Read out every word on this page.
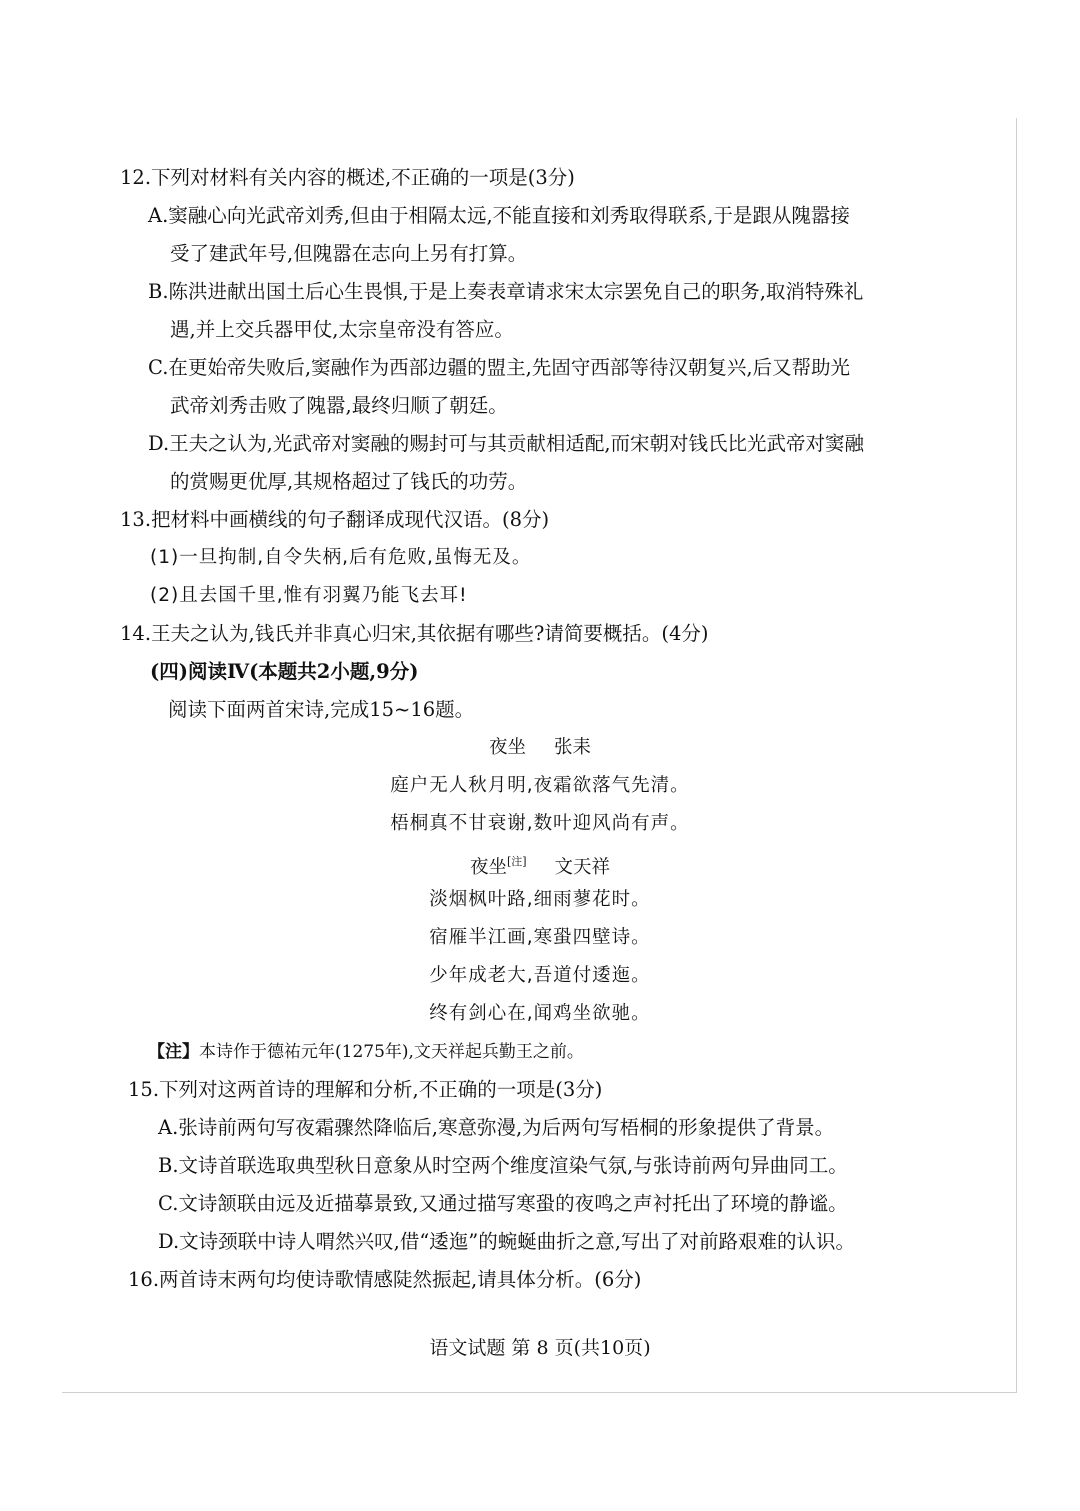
12.下列对材料有关内容的概述,不正确的一项是(3分)
A.窦融心向光武帝刘秀,但由于相隔太远,不能直接和刘秀取得联系,于是跟从隗嚣接
受了建武年号,但隗嚣在志向上另有打算。
B.陈洪进献出国土后心生畏惧,于是上奏表章请求宋太宗罢免自己的职务,取消特殊礼
遇,并上交兵器甲仗,太宗皇帝没有答应。
C.在更始帝失败后,窦融作为西部边疆的盟主,先固守西部等待汉朝复兴,后又帮助光
武帝刘秀击败了隗嚣,最终归顺了朝廷。
D.王夫之认为,光武帝对窦融的赐封可与其贡献相适配,而宋朝对钱氏比光武帝对窦融
的赏赐更优厚,其规格超过了钱氏的功劳。
13.把材料中画横线的句子翻译成现代汉语。(8分)
(1)一旦拘制,自令失柄,后有危败,虽悔无及。
(2)且去国千里,惟有羽翼乃能飞去耳!
14.王夫之认为,钱氏并非真心归宋,其依据有哪些?请简要概括。(4分)
(四)阅读Ⅳ(本题共2小题,9分)
阅读下面两首宋诗,完成15~16题。
夜坐 张耒
庭户无人秋月明,夜霜欲落气先清。
梧桐真不甘衰谢,数叶迎风尚有声。
夜坐[注] 文天祥
淡烟枫叶路,细雨蓼花时。
宿雁半江画,寒蛩四壁诗。
少年成老大,吾道付逶迤。
终有剑心在,闻鸡坐欲驰。
【注】本诗作于德祐元年(1275年),文天祥起兵勤王之前。
15.下列对这两首诗的理解和分析,不正确的一项是(3分)
A.张诗前两句写夜霜骤然降临后,寒意弥漫,为后两句写梧桐的形象提供了背景。
B.文诗首联选取典型秋日意象从时空两个维度渲染气氛,与张诗前两句异曲同工。
C.文诗颔联由远及近描摹景致,又通过描写寒蛩的夜鸣之声衬托出了环境的静谧。
D.文诗颈联中诗人喟然兴叹,借“逶迤”的蜿蜒曲折之意,写出了对前路艰难的认识。
16.两首诗末两句均使诗歌情感陡然振起,请具体分析。(6分)
语文试题 第 8 页(共10页)
